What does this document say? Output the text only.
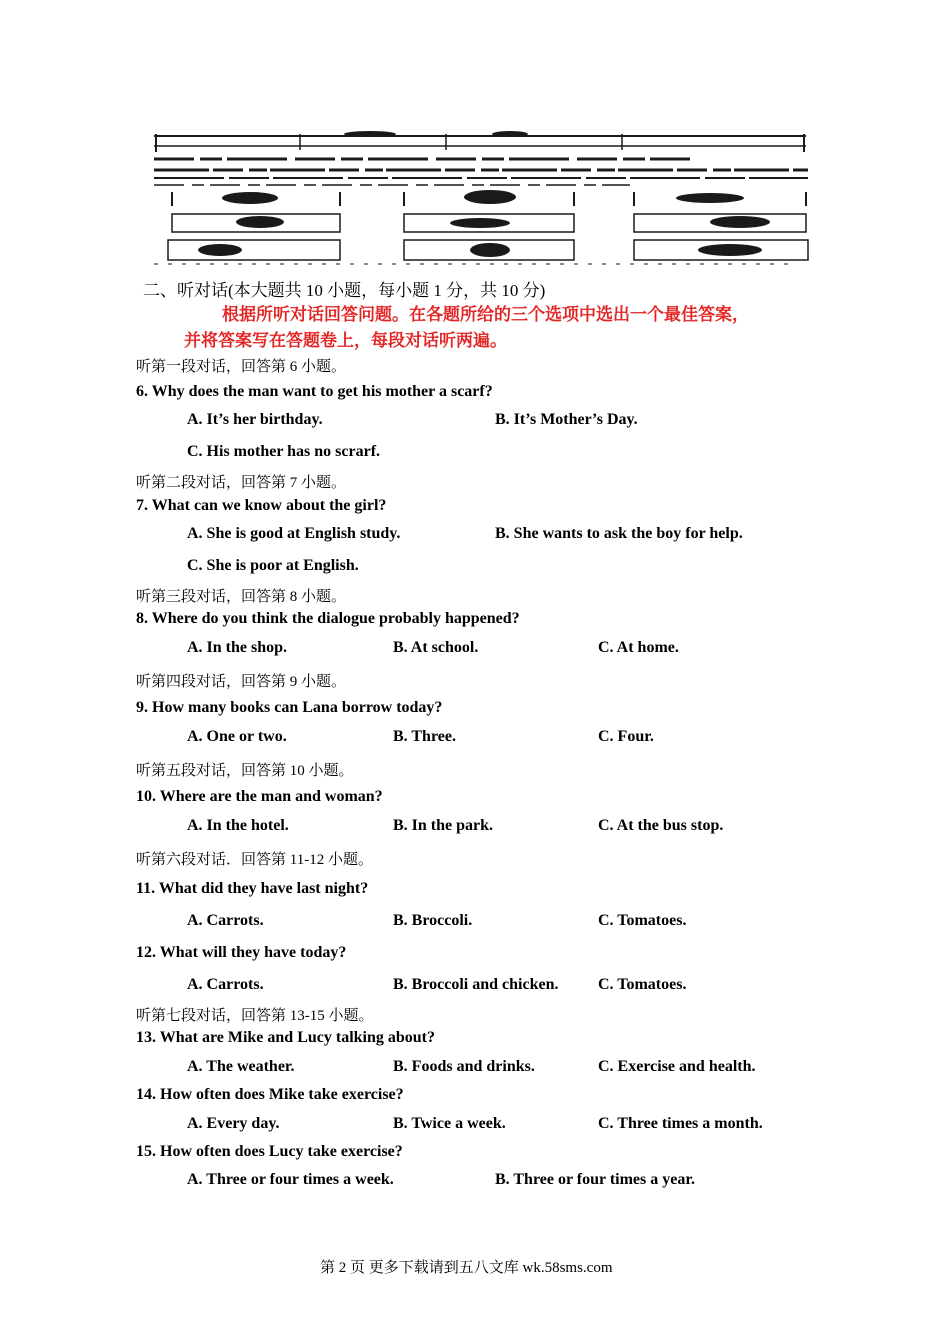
二、听对话(本大题共 10 小题，每小题 1 分，共 10 分)
根据所听对话回答问题。在各题所给的三个选项中选出一个最佳答案，
并将答案写在答题卷上，每段对话听两遍。
听第一段对话，回答第 6 小题。
6. Why does the man want to get his mother a scarf?
A. It’s her birthday.	B. It’s Mother’s Day.
C. His mother has no scrarf.
听第二段对话，回答第 7 小题。
7. What can we know about the girl?
A. She is good at English study.	B. She wants to ask the boy for help.
C. She is poor at English.
听第三段对话，回答第 8 小题。
8. Where do you think the dialogue probably happened?
A. In the shop.	B. At school.	C. At home.
听第四段对话，回答第 9 小题。
9. How many books can Lana borrow today?
A. One or two.	B. Three.	C. Four.
听第五段对话，回答第 10 小题。
10. Where are the man and woman?
A. In the hotel.	B. In the park.	C. At the bus stop.
听第六段对话．回答第 11-12 小题。
11. What did they have last night?
A. Carrots.	B. Broccoli.	C. Tomatoes.
12. What will they have today?
A. Carrots.	B. Broccoli and chicken. C. Tomatoes.
听第七段对话，回答第 13-15 小题。
13. What are Mike and Lucy talking about?
A. The weather.	B. Foods and drinks.	C. Exercise and health.
14. How often does Mike take exercise?
A. Every day.	B. Twice a week.	C. Three times a month.
15. How often does Lucy take exercise?
A. Three or four times a week.	B. Three or four times a year.
第 2 页 更多下载请到五八文库 wk.58sms.com
